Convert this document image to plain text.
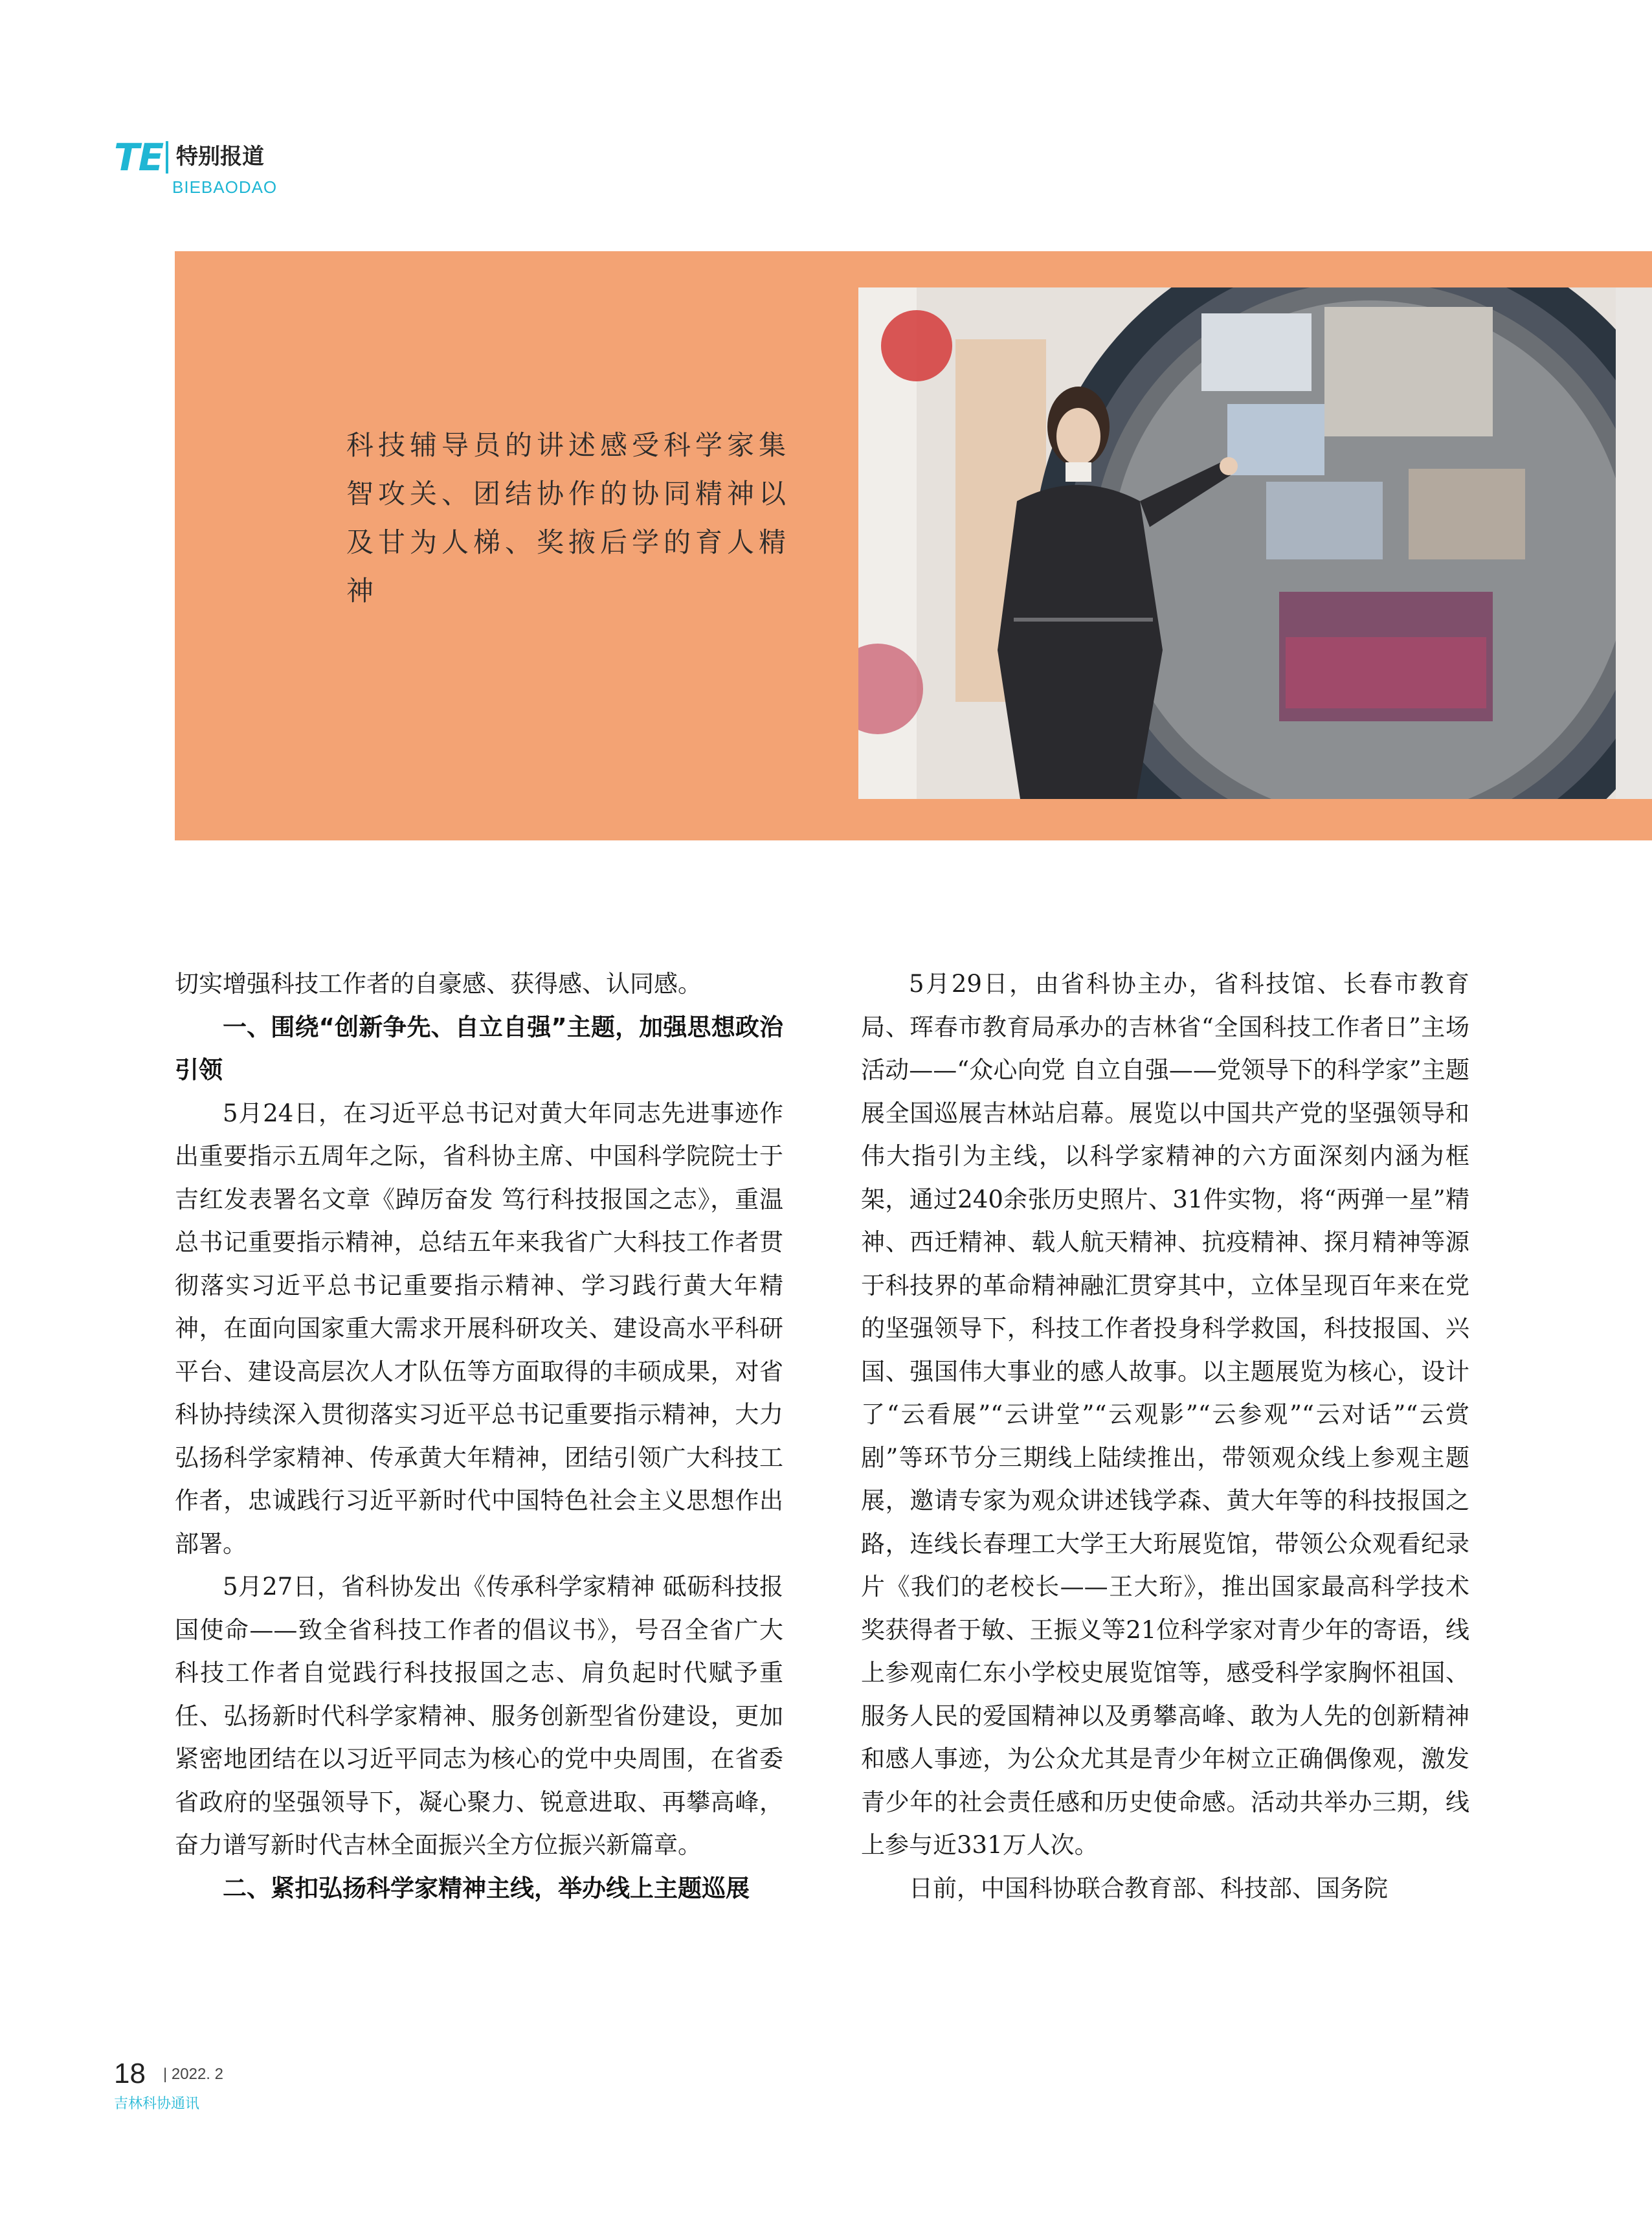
TE 特别报道
BIEBAODAO
科技辅导员的讲述感受科学家集智攻关、团结协作的协同精神以及甘为人梯、奖掖后学的育人精神

切实增强科技工作者的自豪感、获得感、认同感。

一、围绕“创新争先、自立自强”主题，加强思想政治引领

5月24日，在习近平总书记对黄大年同志先进事迹作出重要指示五周年之际，省科协主席、中国科学院院士于吉红发表署名文章《踔厉奋发 笃行科技报国之志》，重温总书记重要指示精神，总结五年来我省广大科技工作者贯彻落实习近平总书记重要指示精神、学习践行黄大年精神，在面向国家重大需求开展科研攻关、建设高水平科研平台、建设高层次人才队伍等方面取得的丰硕成果，对省科协持续深入贯彻落实习近平总书记重要指示精神，大力弘扬科学家精神、传承黄大年精神，团结引领广大科技工作者，忠诚践行习近平新时代中国特色社会主义思想作出部署。

5月27日，省科协发出《传承科学家精神 砥砺科技报国使命——致全省科技工作者的倡议书》，号召全省广大科技工作者自觉践行科技报国之志、肩负起时代赋予重任、弘扬新时代科学家精神、服务创新型省份建设，更加紧密地团结在以习近平同志为核心的党中央周围，在省委省政府的坚强领导下，凝心聚力、锐意进取、再攀高峰，奋力谱写新时代吉林全面振兴全方位振兴新篇章。

二、紧扣弘扬科学家精神主线，举办线上主题巡展

5月29日，由省科协主办，省科技馆、长春市教育局、珲春市教育局承办的吉林省“全国科技工作者日”主场活动——“众心向党 自立自强——党领导下的科学家”主题展全国巡展吉林站启幕。展览以中国共产党的坚强领导和伟大指引为主线，以科学家精神的六方面深刻内涵为框架，通过240余张历史照片、31件实物，将“两弹一星”精神、西迁精神、载人航天精神、抗疫精神、探月精神等源于科技界的革命精神融汇贯穿其中，立体呈现百年来在党的坚强领导下，科技工作者投身科学救国，科技报国、兴国、强国伟大事业的感人故事。以主题展览为核心，设计了“云看展”“云讲堂”“云观影”“云参观”“云对话”“云赏剧”等环节分三期线上陆续推出，带领观众线上参观主题展，邀请专家为观众讲述钱学森、黄大年等的科技报国之路，连线长春理工大学王大珩展览馆，带领公众观看纪录片《我们的老校长——王大珩》，推出国家最高科学技术奖获得者于敏、王振义等21位科学家对青少年的寄语，线上参观南仁东小学校史展览馆等，感受科学家胸怀祖国、服务人民的爱国精神以及勇攀高峰、敢为人先的创新精神和感人事迹，为公众尤其是青少年树立正确偶像观，激发青少年的社会责任感和历史使命感。活动共举办三期，线上参与近331万人次。

日前，中国科协联合教育部、科技部、国务院

18 | 2022. 2
吉林科协通讯
